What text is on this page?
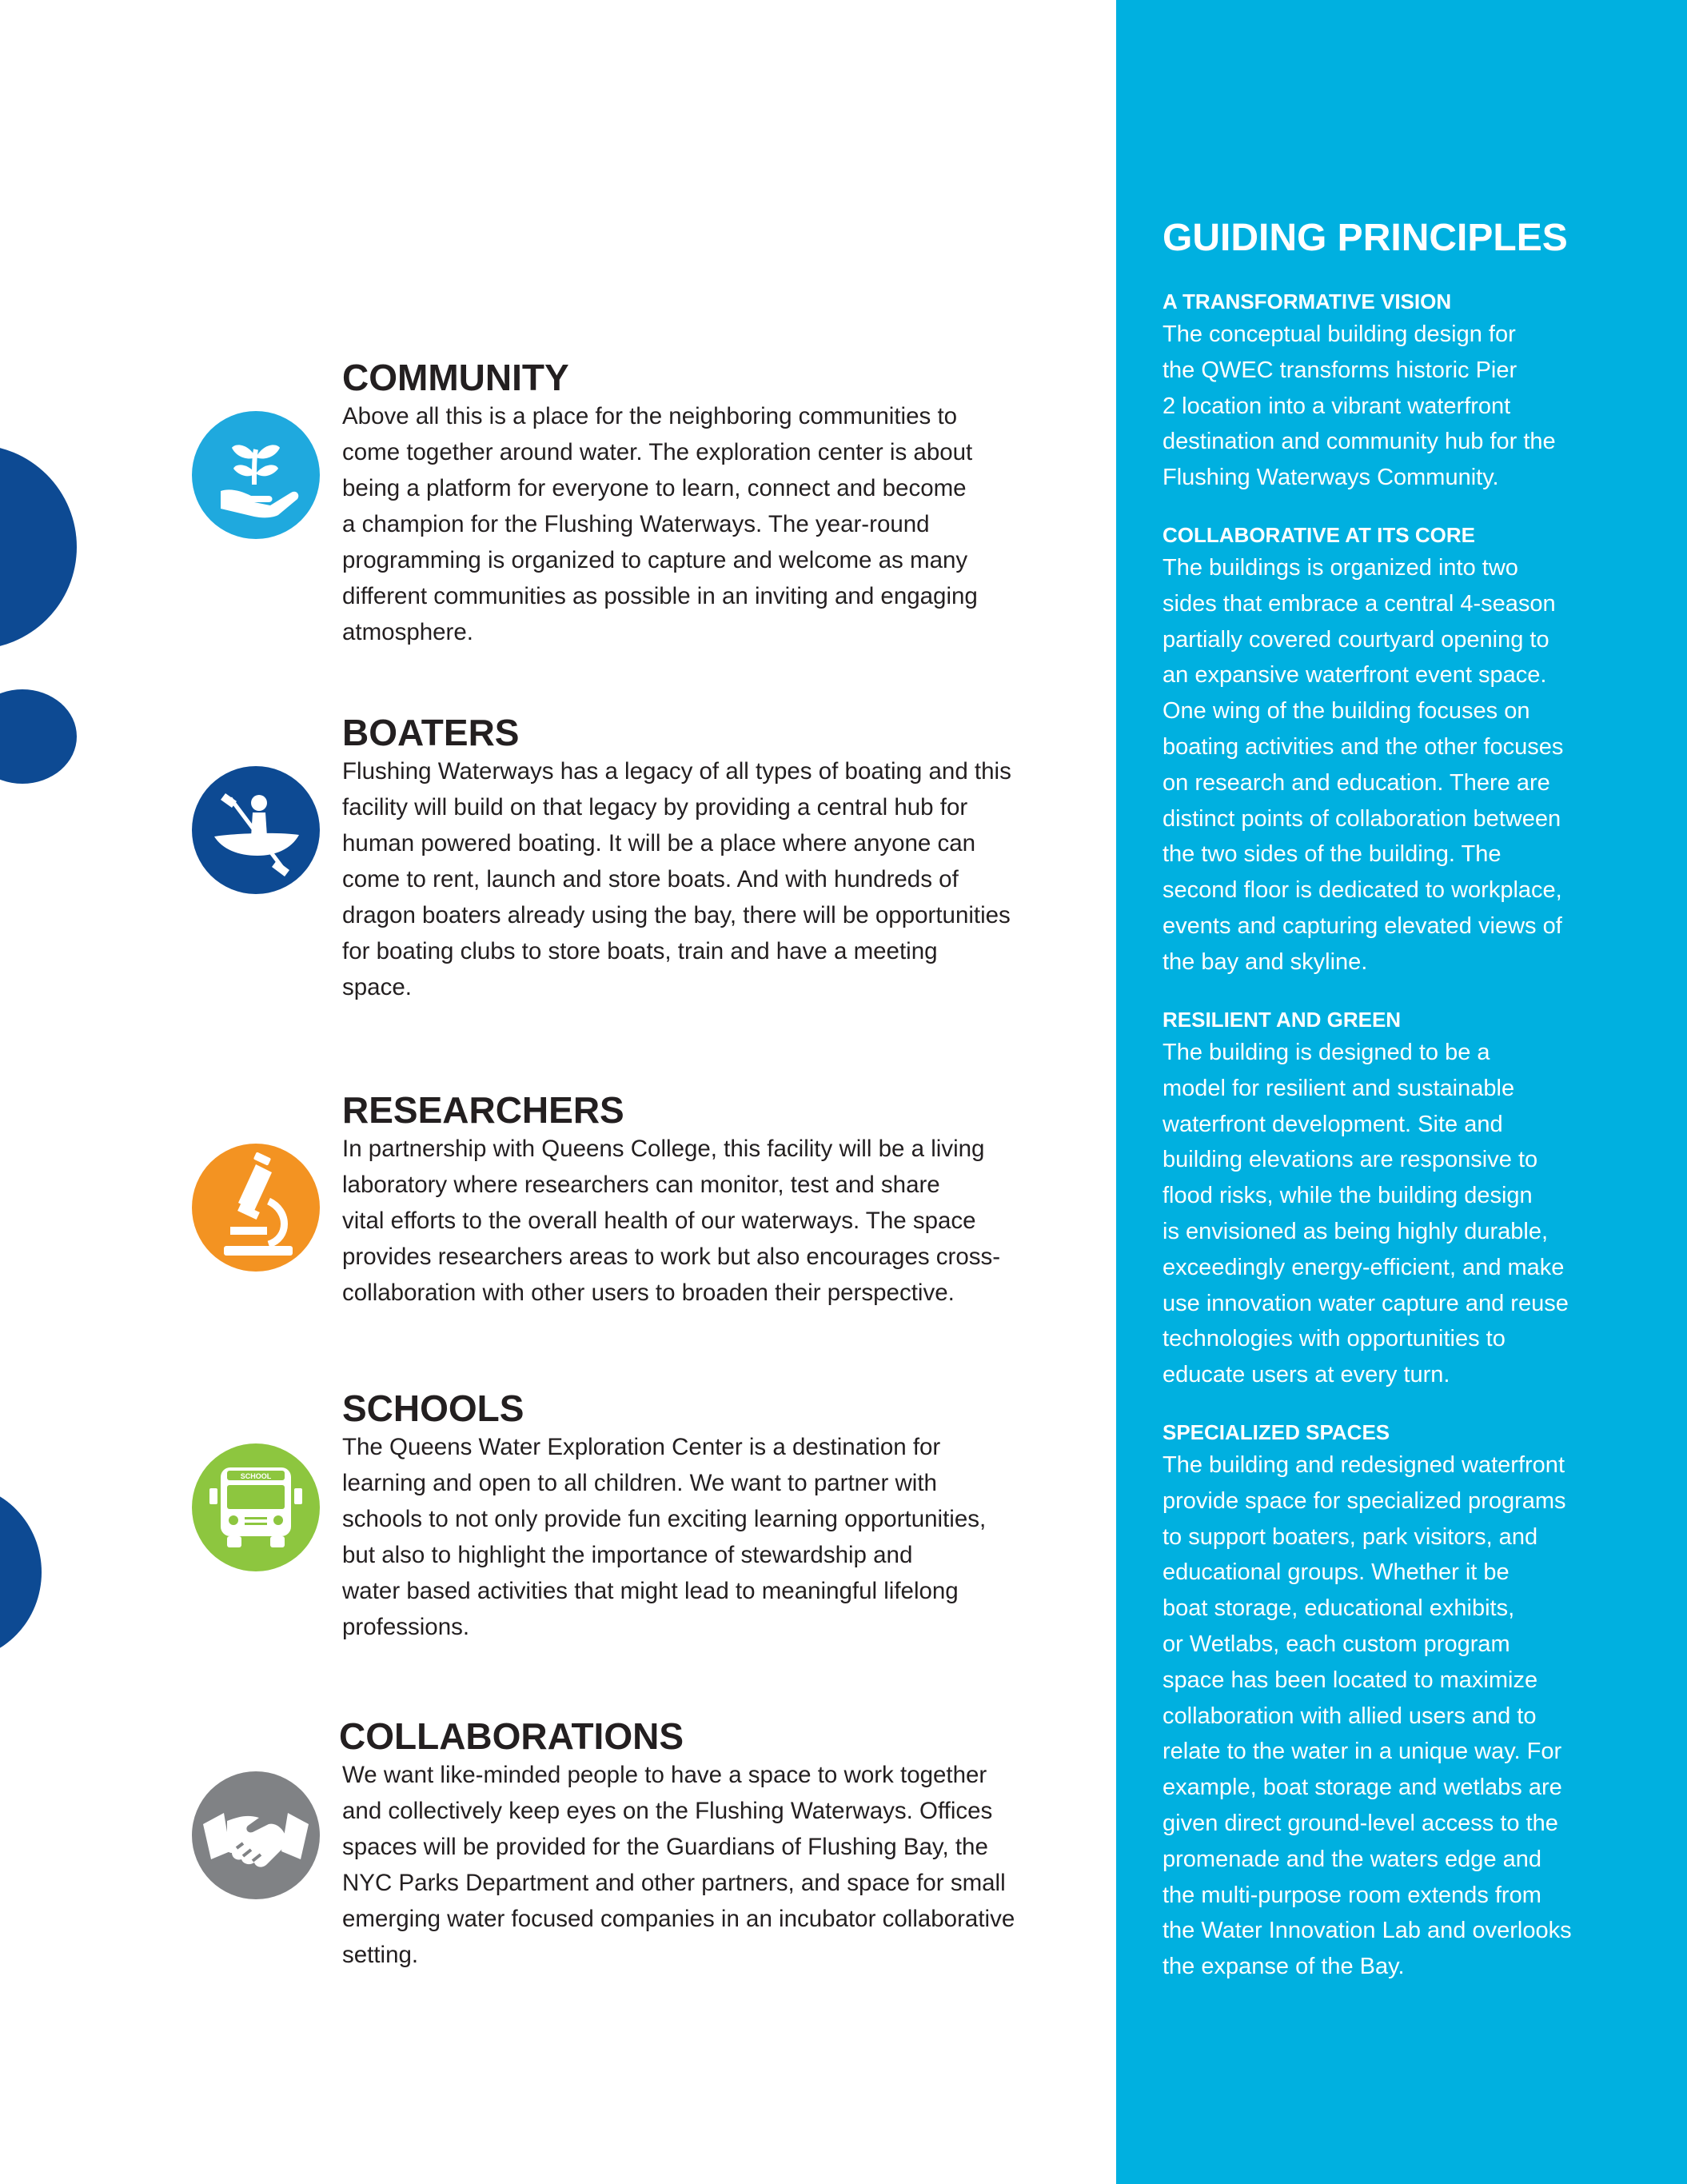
COMMUNITY

Above all this is a place for the neighboring communities to
come together around water. The exploration center is about
being a platform for everyone to learn, connect and become
a champion for the Flushing Waterways. The year-round
programming is organized to capture and welcome as many
different communities as possible in an inviting and engaging
atmosphere.

BOATERS

Flushing Waterways has a legacy of all types of boating and this
facility will build on that legacy by providing a central hub for
human powered boating. It will be a place where anyone can
come to rent, launch and store boats. And with hundreds of
dragon boaters already using the bay, there will be opportunities
for boating clubs to store boats, train and have a meeting
space.

RESEARCHERS

In partnership with Queens College, this facility will be a living
laboratory where researchers can monitor, test and share
vital efforts to the overall health of our waterways. The space
provides researchers areas to work but also encourages cross-
collaboration with other users to broaden their perspective.

SCHOOLS
SCHOOL

The Queens Water Exploration Center is a destination for
learning and open to all children. We want to partner with
schools to not only provide fun exciting learning opportunities,
but also to highlight the importance of stewardship and
water based activities that might lead to meaningful lifelong
professions.

COLLABORATIONS

We want like-minded people to have a space to work together
and collectively keep eyes on the Flushing Waterways. Offices
spaces will be provided for the Guardians of Flushing Bay, the
NYC Parks Department and other partners, and space for small
emerging water focused companies in an incubator collaborative
setting.

GUIDING PRINCIPLES
A TRANSFORMATIVE VISION

The conceptual building design for
the QWEC transforms historic Pier
2 location into a vibrant waterfront
destination and community hub for the
Flushing Waterways Community.

COLLABORATIVE AT ITS CORE

The buildings is organized into two
sides that embrace a central 4-season
partially covered courtyard opening to
an expansive waterfront event space.
One wing of the building focuses on
boating activities and the other focuses
on research and education. There are
distinct points of collaboration between
the two sides of the building. The
second floor is dedicated to workplace,
events and capturing elevated views of
the bay and skyline.

RESILIENT AND GREEN

The building is designed to be a
model for resilient and sustainable
waterfront development. Site and
building elevations are responsive to
flood risks, while the building design
is envisioned as being highly durable,
exceedingly energy-efficient, and make
use innovation water capture and reuse
technologies with opportunities to
educate users at every turn.

SPECIALIZED SPACES

The building and redesigned waterfront
provide space for specialized programs
to support boaters, park visitors, and
educational groups. Whether it be
boat storage, educational exhibits,
or Wetlabs, each custom program
space has been located to maximize
collaboration with allied users and to
relate to the water in a unique way. For
example, boat storage and wetlabs are
given direct ground-level access to the
promenade and the waters edge and
the multi-purpose room extends from
the Water Innovation Lab and overlooks
the expanse of the Bay.
